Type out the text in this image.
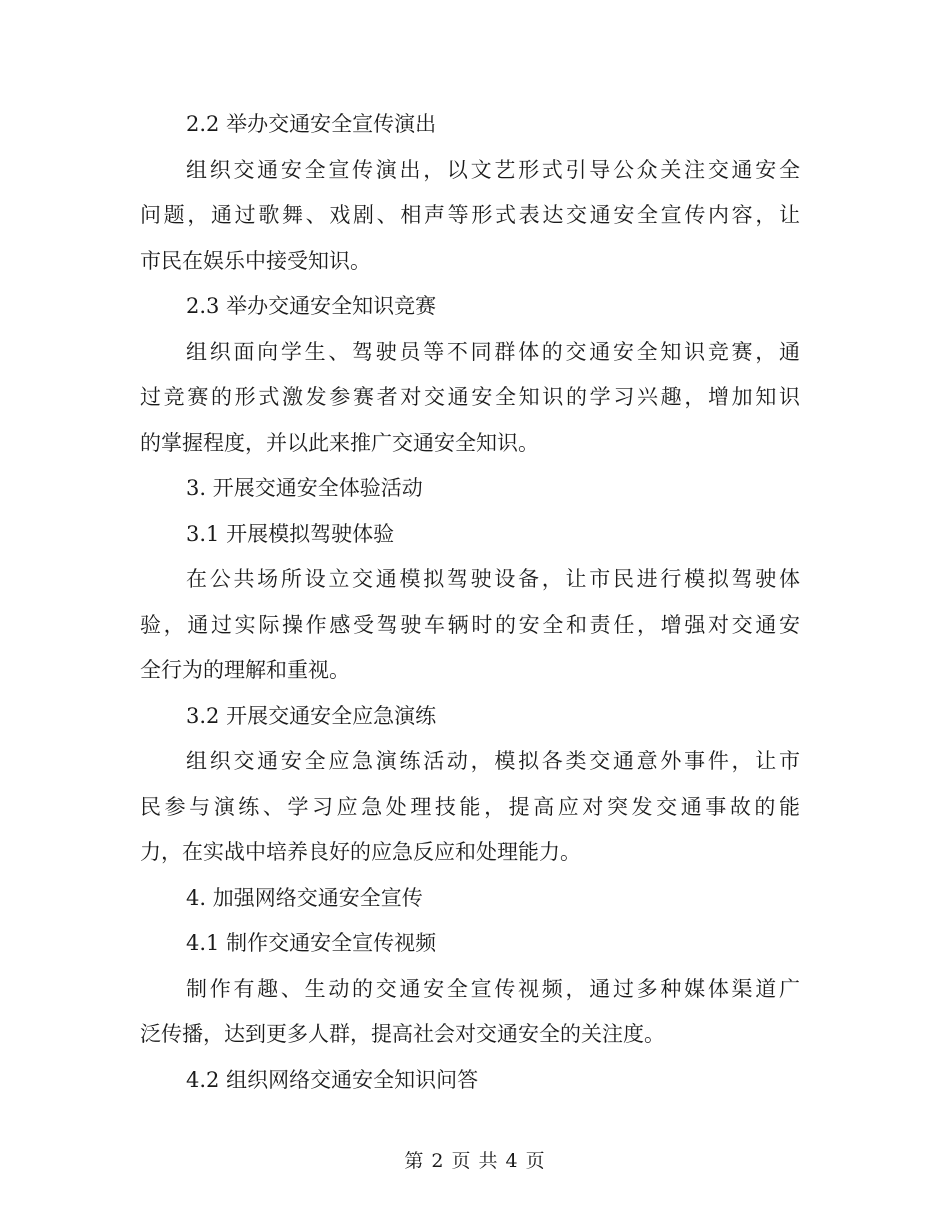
2.2 举办交通安全宣传演出
组织交通安全宣传演出，以文艺形式引导公众关注交通安全
问题，通过歌舞、戏剧、相声等形式表达交通安全宣传内容，让
市民在娱乐中接受知识。
2.3 举办交通安全知识竞赛
组织面向学生、驾驶员等不同群体的交通安全知识竞赛，通
过竞赛的形式激发参赛者对交通安全知识的学习兴趣，增加知识
的掌握程度，并以此来推广交通安全知识。
3. 开展交通安全体验活动
3.1 开展模拟驾驶体验
在公共场所设立交通模拟驾驶设备，让市民进行模拟驾驶体
验，通过实际操作感受驾驶车辆时的安全和责任，增强对交通安
全行为的理解和重视。
3.2 开展交通安全应急演练
组织交通安全应急演练活动，模拟各类交通意外事件，让市
民参与演练、学习应急处理技能，提高应对突发交通事故的能
力，在实战中培养良好的应急反应和处理能力。
4. 加强网络交通安全宣传
4.1 制作交通安全宣传视频
制作有趣、生动的交通安全宣传视频，通过多种媒体渠道广
泛传播，达到更多人群，提高社会对交通安全的关注度。
4.2 组织网络交通安全知识问答
第 2 页 共 4 页
